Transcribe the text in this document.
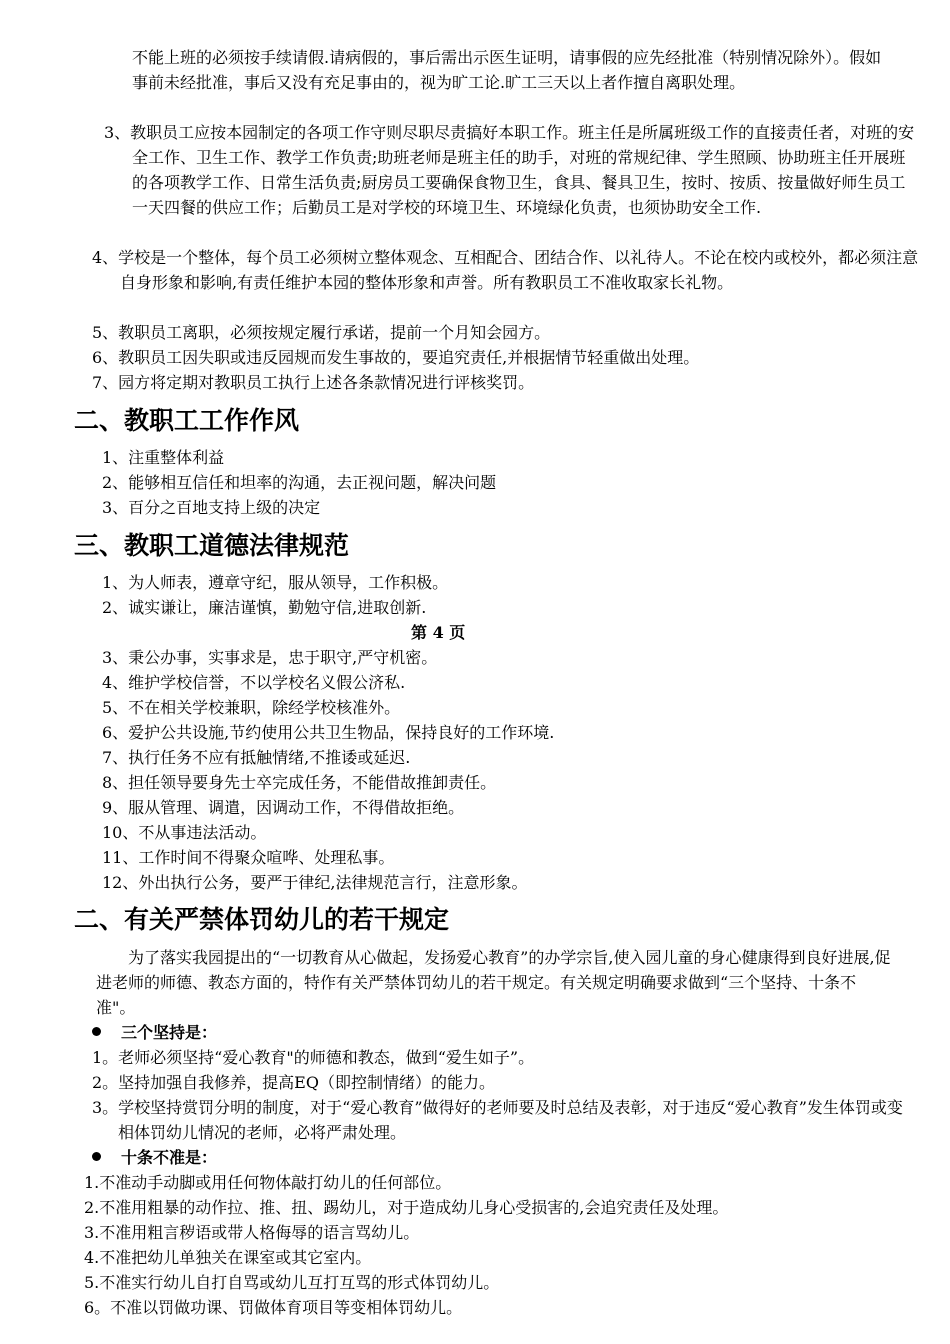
不能上班的必须按手续请假.请病假的，事后需出示医生证明，请事假的应先经批准（特别情况除外）。假如事前未经批准，事后又没有充足事由的，视为旷工论.旷工三天以上者作擅自离职处理。
3、教职员工应按本园制定的各项工作守则尽职尽责搞好本职工作。班主任是所属班级工作的直接责任者，对班的安全工作、卫生工作、教学工作负责;助班老师是班主任的助手，对班的常规纪律、学生照顾、协助班主任开展班的各项教学工作、日常生活负责;厨房员工要确保食物卫生，食具、餐具卫生，按时、按质、按量做好师生员工一天四餐的供应工作；后勤员工是对学校的环境卫生、环境绿化负责，也须协助安全工作.
4、学校是一个整体，每个员工必须树立整体观念、互相配合、团结合作、以礼待人。不论在校内或校外，都必须注意自身形象和影响,有责任维护本园的整体形象和声誉。所有教职员工不准收取家长礼物。
5、教职员工离职，必须按规定履行承诺，提前一个月知会园方。
6、教职员工因失职或违反园规而发生事故的，要追究责任,并根据情节轻重做出处理。
7、园方将定期对教职员工执行上述各条款情况进行评核奖罚。
二、教职工工作作风
1、注重整体利益
2、能够相互信任和坦率的沟通，去正视问题，解决问题
3、百分之百地支持上级的决定
三、教职工道德法律规范
1、为人师表，遵章守纪，服从领导，工作积极。
2、诚实谦让，廉洁谨慎，勤勉守信,进取创新.
第 4 页
3、秉公办事，实事求是，忠于职守,严守机密。
4、维护学校信誉，不以学校名义假公济私.
5、不在相关学校兼职，除经学校核准外。
6、爱护公共设施,节约使用公共卫生物品，保持良好的工作环境.
7、执行任务不应有抵触情绪,不推诿或延迟.
8、担任领导要身先士卒完成任务，不能借故推卸责任。
9、服从管理、调遣，因调动工作，不得借故拒绝。
10、不从事违法活动。
11、工作时间不得聚众喧哗、处理私事。
12、外出执行公务，要严于律纪,法律规范言行，注意形象。
二、有关严禁体罚幼儿的若干规定
为了落实我园提出的“一切教育从心做起，发扬爱心教育”的办学宗旨,使入园儿童的身心健康得到良好进展,促进老师的师德、教态方面的，特作有关严禁体罚幼儿的若干规定。有关规定明确要求做到“三个坚持、十条不准"。
三个坚持是：
1。老师必须坚持“爱心教育"的师德和教态，做到“爱生如子”。
2。坚持加强自我修养，提高EQ（即控制情绪）的能力。
3。学校坚持赏罚分明的制度，对于“爱心教育”做得好的老师要及时总结及表彰，对于违反“爱心教育”发生体罚或变相体罚幼儿情况的老师，必将严肃处理。
十条不准是：
1.不准动手动脚或用任何物体敲打幼儿的任何部位。
2.不准用粗暴的动作拉、推、扭、踢幼儿，对于造成幼儿身心受损害的,会追究责任及处理。
3.不准用粗言秽语或带人格侮辱的语言骂幼儿。
4.不准把幼儿单独关在课室或其它室内。
5.不准实行幼儿自打自骂或幼儿互打互骂的形式体罚幼儿。
6。不准以罚做功课、罚做体育项目等变相体罚幼儿。
